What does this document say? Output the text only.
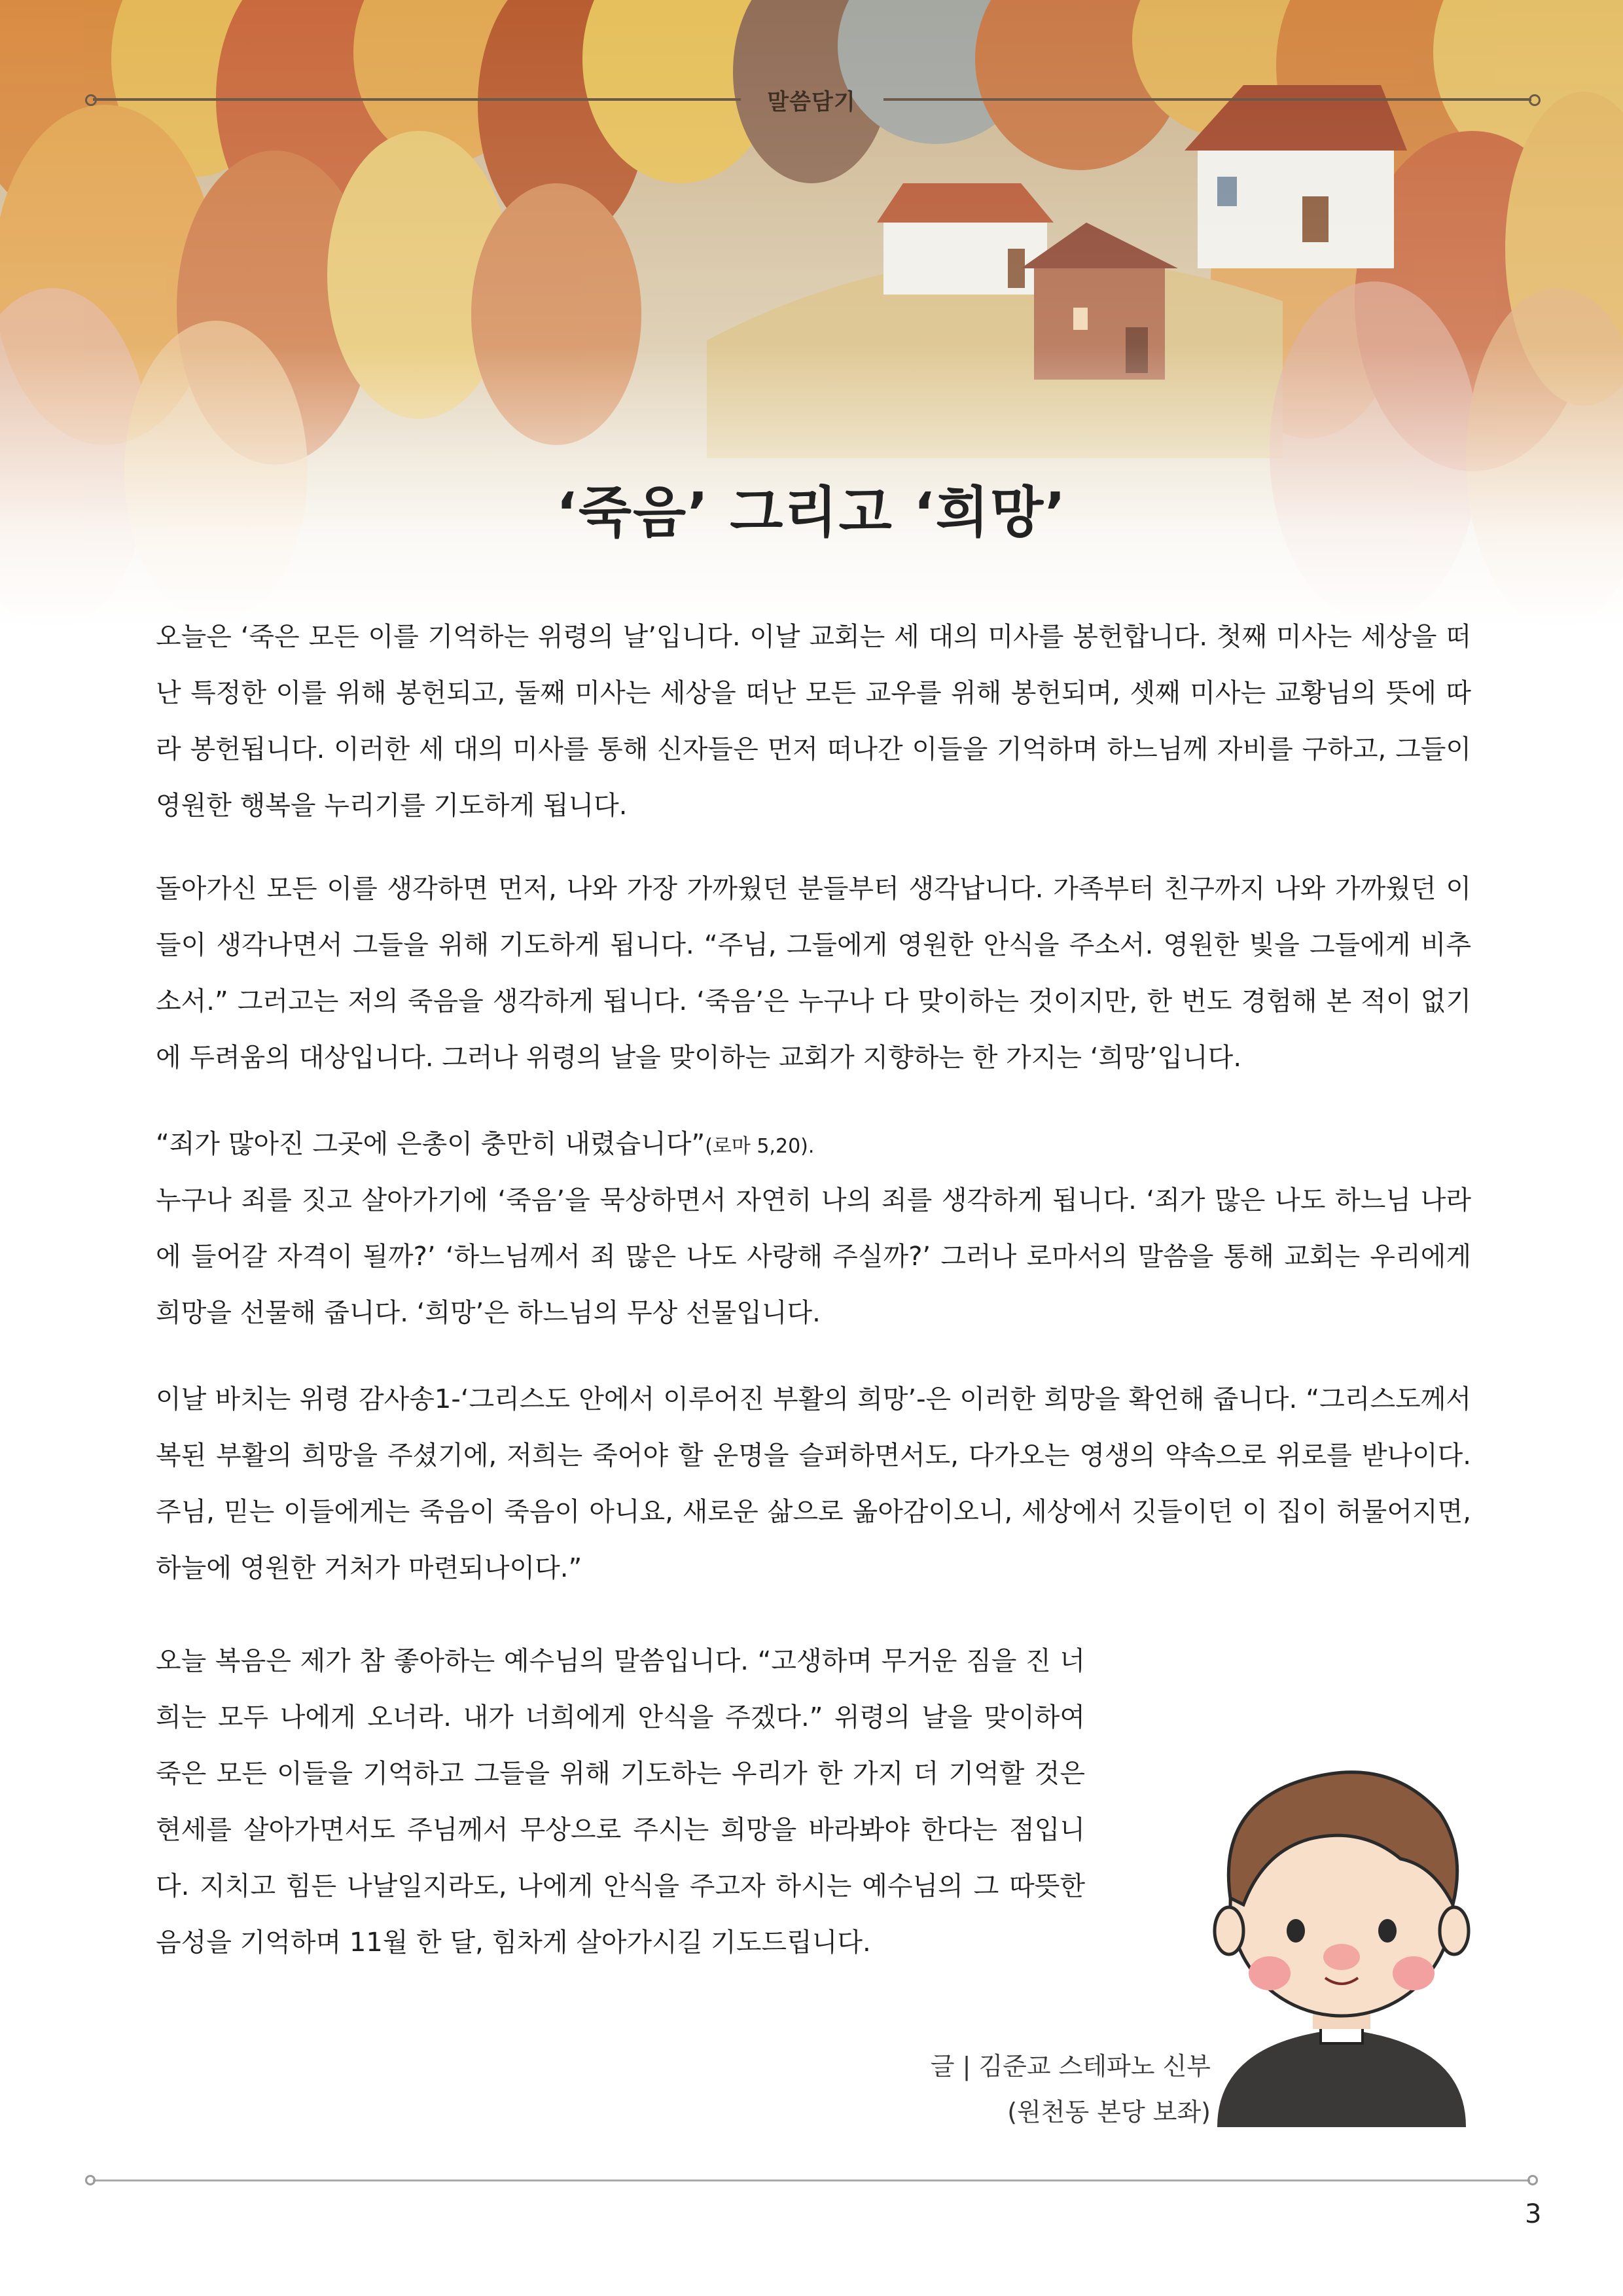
말씀담기
‘죽음’ 그리고 ‘희망’

오늘은 ‘죽은 모든 이를 기억하는 위령의 날’입니다. 이날 교회는 세 대의 미사를 봉헌합니다. 첫째 미사는 세상을 떠난 특정한 이를 위해 봉헌되고, 둘째 미사는 세상을 떠난 모든 교우를 위해 봉헌되며, 셋째 미사는 교황님의 뜻에 따라 봉헌됩니다. 이러한 세 대의 미사를 통해 신자들은 먼저 떠나간 이들을 기억하며 하느님께 자비를 구하고, 그들이 영원한 행복을 누리기를 기도하게 됩니다.

돌아가신 모든 이를 생각하면 먼저, 나와 가장 가까웠던 분들부터 생각납니다. 가족부터 친구까지 나와 가까웠던 이들이 생각나면서 그들을 위해 기도하게 됩니다. “주님, 그들에게 영원한 안식을 주소서. 영원한 빛을 그들에게 비추소서.” 그러고는 저의 죽음을 생각하게 됩니다. ‘죽음’은 누구나 다 맞이하는 것이지만, 한 번도 경험해 본 적이 없기에 두려움의 대상입니다. 그러나 위령의 날을 맞이하는 교회가 지향하는 한 가지는 ‘희망’입니다.

“죄가 많아진 그곳에 은총이 충만히 내렸습니다”(로마 5,20).

누구나 죄를 짓고 살아가기에 ‘죽음’을 묵상하면서 자연히 나의 죄를 생각하게 됩니다. ‘죄가 많은 나도 하느님 나라에 들어갈 자격이 될까?’ ‘하느님께서 죄 많은 나도 사랑해 주실까?’ 그러나 로마서의 말씀을 통해 교회는 우리에게 희망을 선물해 줍니다. ‘희망’은 하느님의 무상 선물입니다.

이날 바치는 위령 감사송1-‘그리스도 안에서 이루어진 부활의 희망’-은 이러한 희망을 확언해 줍니다. “그리스도께서 복된 부활의 희망을 주셨기에, 저희는 죽어야 할 운명을 슬퍼하면서도, 다가오는 영생의 약속으로 위로를 받나이다. 주님, 믿는 이들에게는 죽음이 죽음이 아니요, 새로운 삶으로 옮아감이오니, 세상에서 깃들이던 이 집이 허물어지면, 하늘에 영원한 거처가 마련되나이다.”

오늘 복음은 제가 참 좋아하는 예수님의 말씀입니다. “고생하며 무거운 짐을 진 너희는 모두 나에게 오너라. 내가 너희에게 안식을 주겠다.” 위령의 날을 맞이하여 죽은 모든 이들을 기억하고 그들을 위해 기도하는 우리가 한 가지 더 기억할 것은 현세를 살아가면서도 주님께서 무상으로 주시는 희망을 바라봐야 한다는 점입니다. 지치고 힘든 나날일지라도, 나에게 안식을 주고자 하시는 예수님의 그 따뜻한 음성을 기억하며 11월 한 달, 힘차게 살아가시길 기도드립니다.

글 | 김준교 스테파노 신부
(원천동 본당 보좌)
3
